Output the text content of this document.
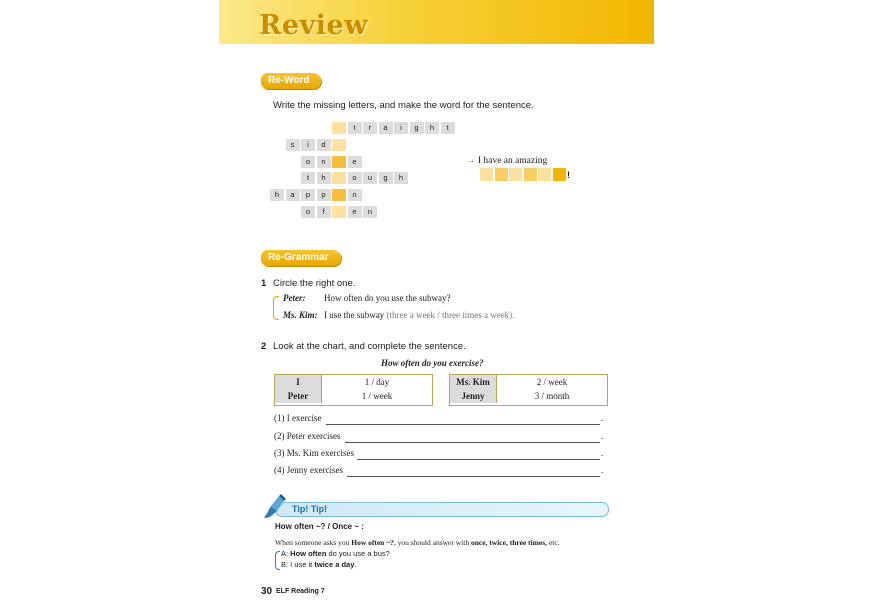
Review
Re-Word
Write the missing letters, and make the word for the sentence.
t	r	a	i	g	h	t
s	i	d
o	n	e
t	h	o	u	g	h
h	a	p	p	n
o	f	e	n
→ I have an amazing
!
Re-Grammar
1 Circle the right one.
Peter: How often do you use the subway?
Ms. Kim: I use the subway (three a week / three times a week).
2 Look at the chart, and complete the sentence.
How often do you exercise?
I	1 / day
Peter	1 / week
Ms. Kim	2 / week
Jenny	3 / month
(1) I exercise	.
(2) Peter exercises	.
(3) Ms. Kim exercises	.
(4) Jenny exercises	.
Tip! Tip!
How often ~? / Once ~ :
When someone asks you How often ~?, you should answer with once, twice, three times, etc.
A: How often do you use a bus?
B: I use it twice a day.
30 ELF Reading 7
